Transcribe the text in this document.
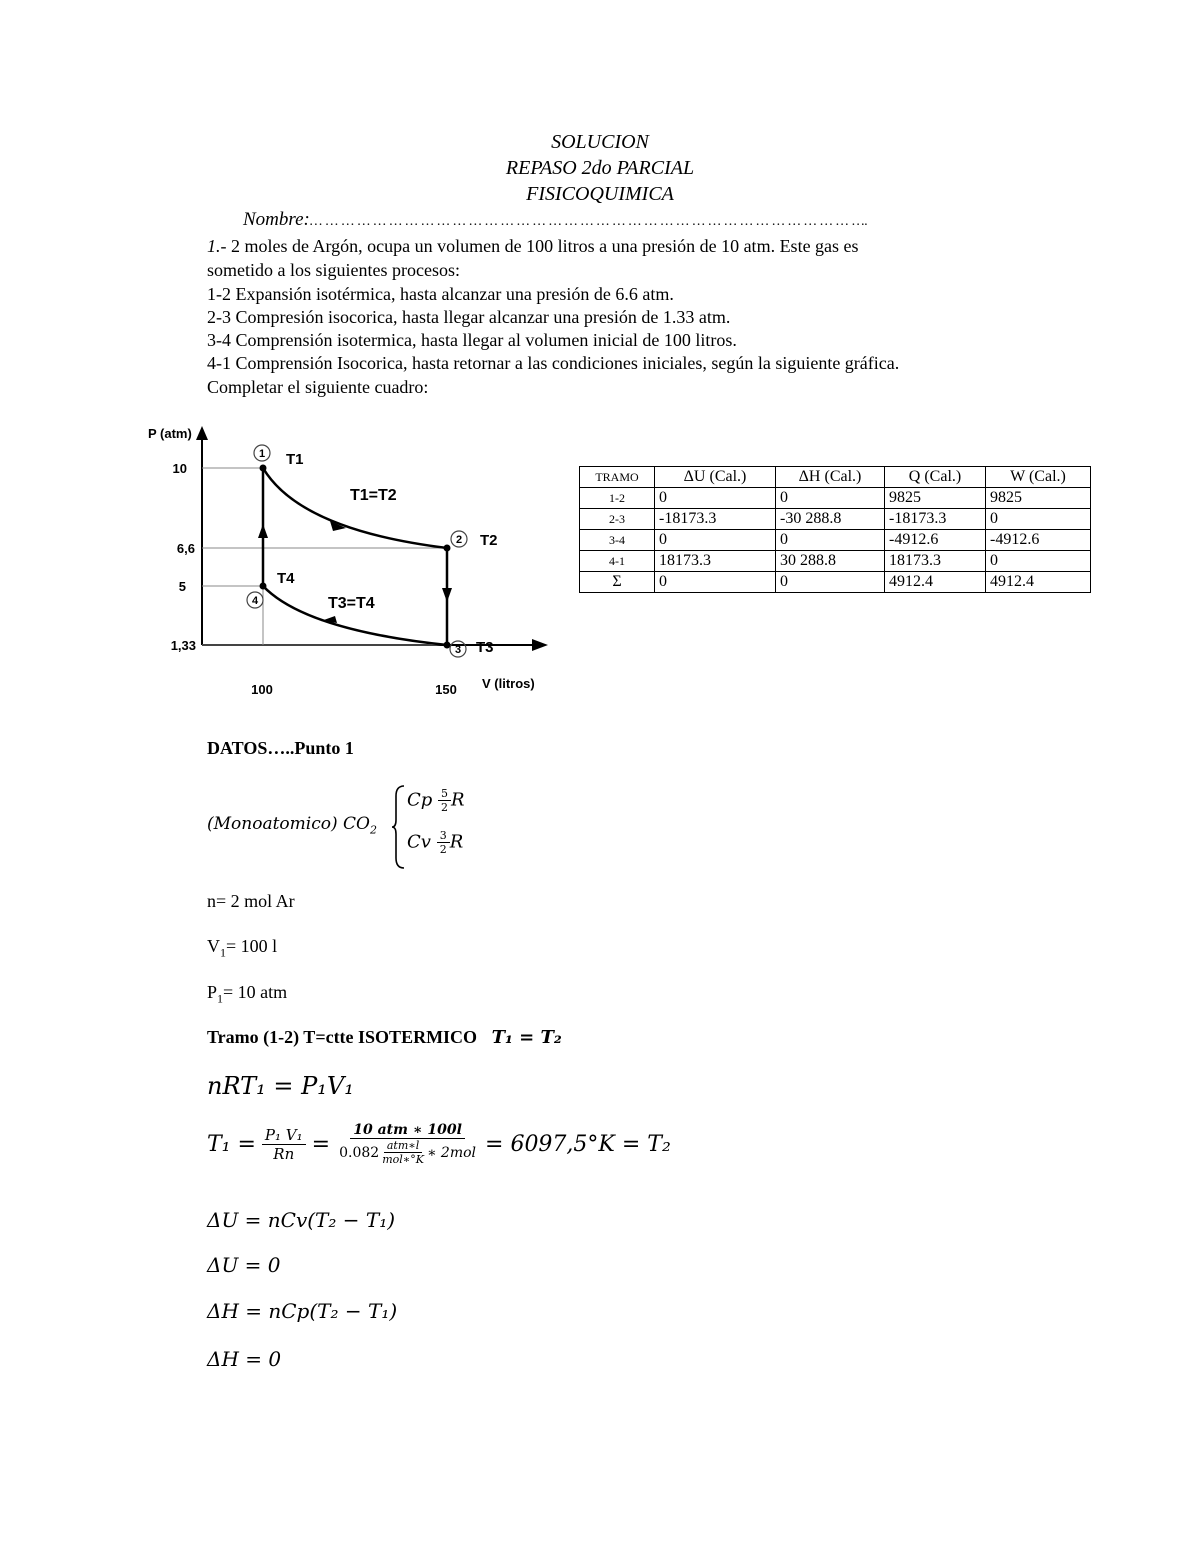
SOLUCION
REPASO 2do PARCIAL
FISICOQUIMICA
Nombre:… … … … … … … … … … … … … … … … … … … … … … … … … … … … … … … … … … ….
1.- 2 moles de Argón, ocupa un volumen de 100 litros a una presión de 10 atm. Este gas es
sometido a los siguientes procesos:
1-2 Expansión isotérmica, hasta alcanzar una presión de 6.6 atm.
2-3 Compresión isocorica, hasta llegar alcanzar una presión de 1.33 atm.
3-4 Comprensión isotermica, hasta llegar al volumen inicial de 100 litros.
4-1 Comprensión Isocorica, hasta retornar a las condiciones iniciales, según la siguiente gráfica.
Completar el siguiente cuadro:
1
2
3
4
T1
T2
T3
T4
T1=T2
T3=T4
10
6,6
5
1,33
100	150
P (atm)
V (litros)
TRAMO	ΔU (Cal.)	ΔH (Cal.)	Q (Cal.)	W (Cal.)
1-2	0	0	9825	9825
2-3	-18173.3	-30 288.8	-18173.3	0
3-4	0	0	-4912.6	-4912.6
4-1	18173.3	30 288.8	18173.3	0
Σ	0	0	4912.4	4912.4
DATOS…..Punto 1
(Monoatomico) $CO_2$
Cp $\frac{5}{2}$ R
Cv $\frac{3}{2}$ R
n= 2 mol Ar
$V_1= 100$ l
$P_1= 10$ atm
Tramo (1-2) T=ctte ISOTERMICO T₁ = T₂
nRT₁ = P₁V₁
$T_1 = \frac{\text{P₁ V₁}}{Rn}$ =
10 atm ∗ 100l
$0.082 \frac{\text{atm∗l}}{\text{mol∗°K}}$ ∗ 2mol = 6097,5°K = T₂
ΔU = nCv(T₂ − T₁)
ΔU = 0
ΔH = nCp(T₂ − T₁)
ΔH = 0
